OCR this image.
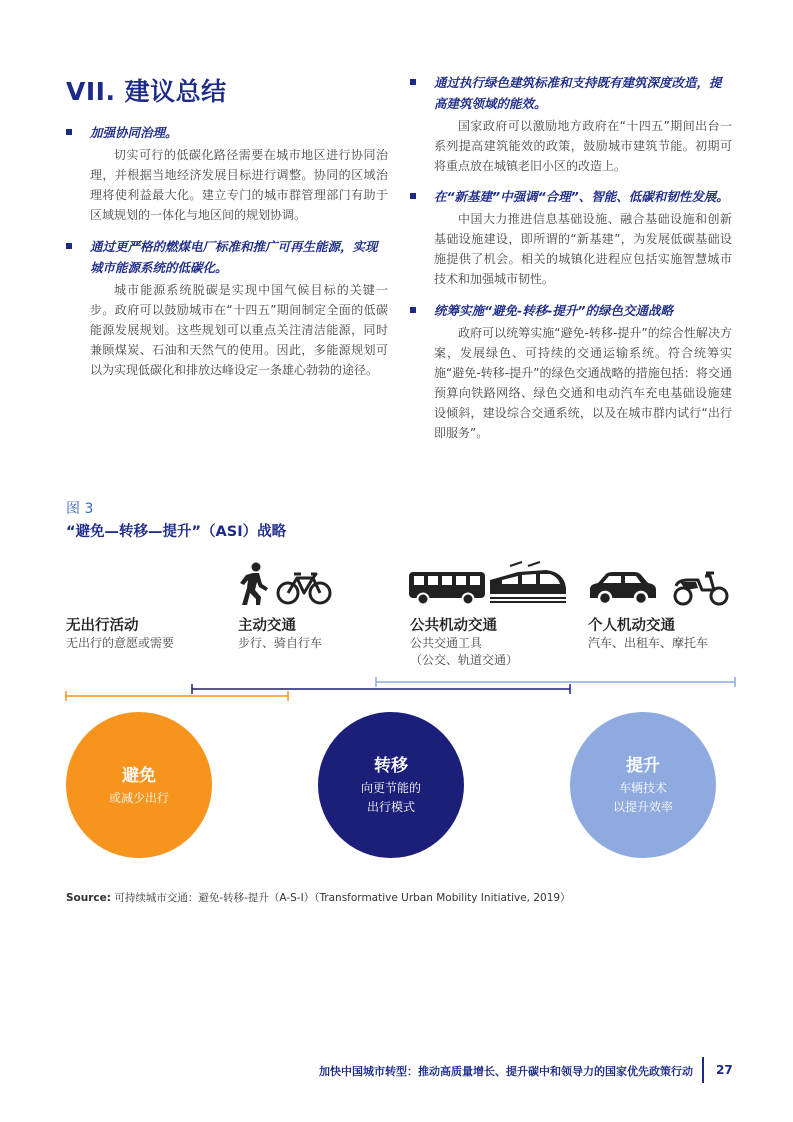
VII. 建议总结
加强协同治理。
切实可行的低碳化路径需要在城市地区进行协同治理，并根据当地经济发展目标进行调整。协同的区域治理将使利益最大化。建立专门的城市群管理部门有助于区域规划的一体化与地区间的规划协调。
通过更严格的燃煤电厂标准和推广可再生能源，实现城市能源系统的低碳化。
城市能源系统脱碳是实现中国气候目标的关键一步。政府可以鼓励城市在“十四五”期间制定全面的低碳能源发展规划。这些规划可以重点关注清洁能源，同时兼顾煤炭、石油和天然气的使用。因此，多能源规划可以为实现低碳化和排放达峰设定一条雄心勃勃的途径。
通过执行绿色建筑标准和支持既有建筑深度改造，提高建筑领域的能效。
国家政府可以激励地方政府在“十四五”期间出台一系列提高建筑能效的政策，鼓励城市建筑节能。初期可将重点放在城镇老旧小区的改造上。
在“新基建”中强调“合理”、智能、低碳和韧性发展。
中国大力推进信息基础设施、融合基础设施和创新基础设施建设，即所谓的“新基建”，为发展低碳基础设施提供了机会。相关的城镇化进程应包括实施智慧城市技术和加强城市韧性。
统筹实施“避免-转移-提升”的绿色交通战略
政府可以统筹实施“避免-转移-提升”的综合性解决方案，发展绿色、可持续的交通运输系统。符合统筹实施“避免-转移-提升”的绿色交通战略的措施包括：将交通预算向铁路网络、绿色交通和电动汽车充电基础设施建设倾斜，建设综合交通系统，以及在城市群内试行“出行即服务”。
图 3
“避免—转移—提升”（ASI）战略
无出行活动
无出行的意愿或需要
主动交通
步行、骑自行车
公共机动交通
公共交通工具
（公交、轨道交通）
个人机动交通
汽车、出租车、摩托车
避免
或减少出行
转移
向更节能的
出行模式
提升
车辆技术
以提升效率
Source: 可持续城市交通：避免-转移-提升（A-S-I）（Transformative Urban Mobility Initiative, 2019）
加快中国城市转型：推动高质量增长、提升碳中和领导力的国家优先政策行动 27
